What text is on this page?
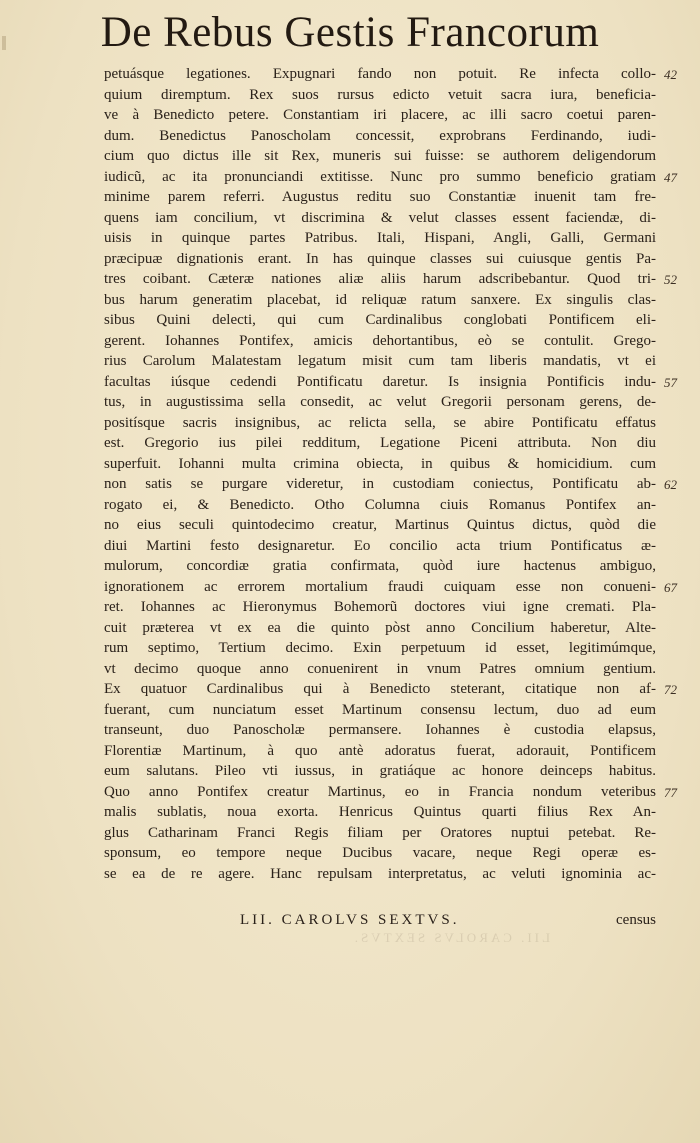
De Rebus Gestis Francorum
petuásque legationes. Expugnari fando non potuit. Re infecta collo-
quium diremptum. Rex suos rursus edicto vetuit sacra iura, beneficia-
ve à Benedicto petere. Constantiam iri placere, ac illi sacro coetui paren-
dum. Benedictus Panoscholam concessit, exprobrans Ferdinando, iudi-
cium quo dictus ille sit Rex, muneris sui fuisse: se authorem deligendorum
iudicũ, ac ita pronunciandi extitisse. Nunc pro summo beneficio gratiam
minime parem referri. Augustus reditu suo Constantiæ inuenit tam fre-
quens iam concilium, vt discrimina & velut classes essent faciendæ, di-
uisis in quinque partes Patribus. Itali, Hispani, Angli, Galli, Germani
præcipuæ dignationis erant. In has quinque classes sui cuiusque gentis Pa-
tres coibant. Cæteræ nationes aliæ aliis harum adscribebantur. Quod tri-
bus harum generatim placebat, id reliquæ ratum sanxere. Ex singulis clas-
sibus Quini delecti, qui cum Cardinalibus conglobati Pontificem eli-
gerent. Iohannes Pontifex, amicis dehortantibus, eò se contulit. Grego-
rius Carolum Malatestam legatum misit cum tam liberis mandatis, vt ei
facultas iúsque cedendi Pontificatu daretur. Is insignia Pontificis indu-
tus, in augustissima sella consedit, ac velut Gregorii personam gerens, de-
positísque sacris insignibus, ac relicta sella, se abire Pontificatu effatus
est. Gregorio ius pilei redditum, Legatione Piceni attributa. Non diu
superfuit. Iohanni multa crimina obiecta, in quibus & homicidium. cum
non satis se purgare videretur, in custodiam coniectus, Pontificatu ab-
rogato ei, & Benedicto. Otho Columna ciuis Romanus Pontifex an-
no eius seculi quintodecimo creatur, Martinus Quintus dictus, quòd die
diui Martini festo designaretur. Eo concilio acta trium Pontificatus æ-
mulorum, concordiæ gratia confirmata, quòd iure hactenus ambiguo,
ignorationem ac errorem mortalium fraudi cuiquam esse non conueni-
ret. Iohannes ac Hieronymus Bohemorũ doctores viui igne cremati. Pla-
cuit præterea vt ex ea die quinto pòst anno Concilium haberetur, Alte-
rum septimo, Tertium decimo. Exin perpetuum id esset, legitimúmque,
vt decimo quoque anno conuenirent in vnum Patres omnium gentium.
Ex quatuor Cardinalibus qui à Benedicto steterant, citatique non af-
fuerant, cum nunciatum esset Martinum consensu lectum, duo ad eum
transeunt, duo Panoscholæ permansere. Iohannes è custodia elapsus,
Florentiæ Martinum, à quo antè adoratus fuerat, adorauit, Pontificem
eum salutans. Pileo vti iussus, in gratiáque ac honore deinceps habitus.
Quo anno Pontifex creatur Martinus, eo in Francia nondum veteribus
malis sublatis, noua exorta. Henricus Quintus quarti filius Rex An-
glus Catharinam Franci Regis filiam per Oratores nuptui petebat. Re-
sponsum, eo tempore neque Ducibus vacare, neque Regi operæ es-
se ea de re agere. Hanc repulsam interpretatus, ac veluti ignominia ac-
42
47
52
57
62
67
72
77
LII. CAROLVS SEXTVS.	census
LII. CAROLVS SEXTVS.
